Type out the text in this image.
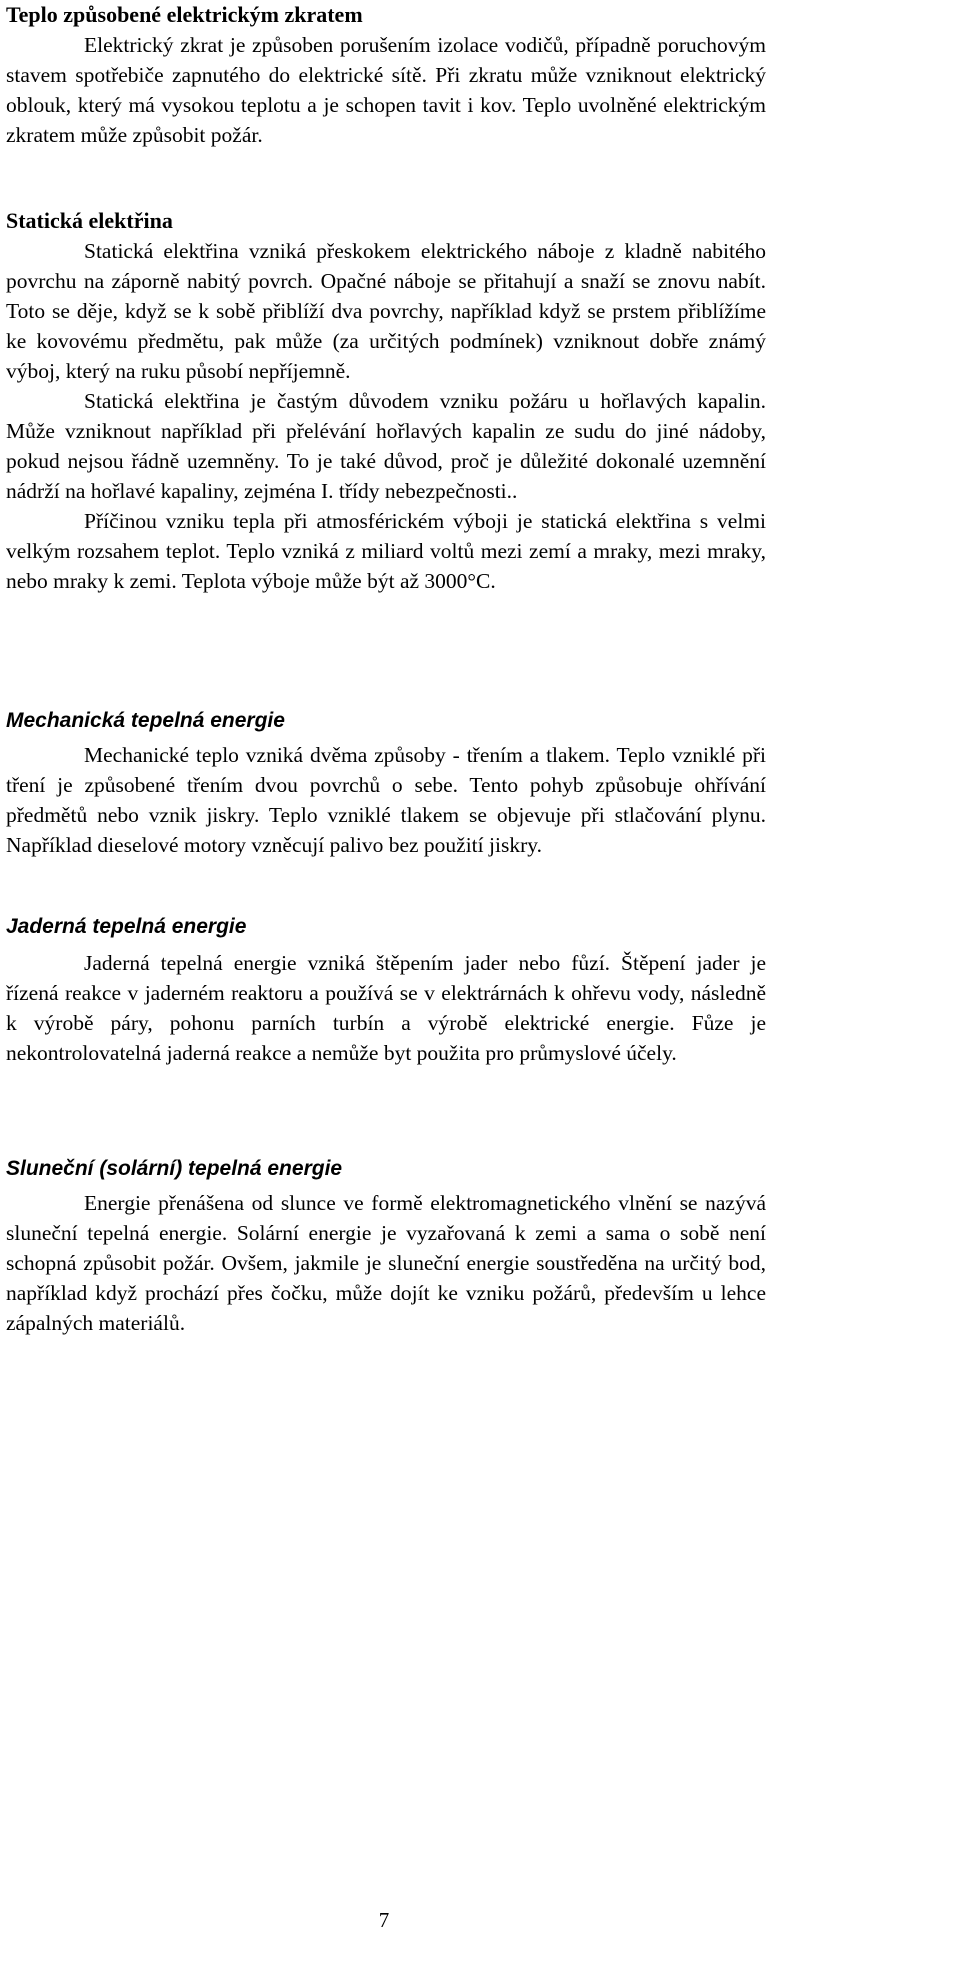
Teplo způsobené elektrickým zkratem

Elektrický zkrat je způsoben porušením izolace vodičů, případně poruchovým stavem spotřebiče zapnutého do elektrické sítě. Při zkratu může vzniknout elektrický oblouk, který má vysokou teplotu a je schopen tavit i kov. Teplo uvolněné elektrickým zkratem může způsobit požár.

Statická elektřina

Statická elektřina vzniká přeskokem elektrického náboje z kladně nabitého povrchu na záporně nabitý povrch. Opačné náboje se přitahují a snaží se znovu nabít. Toto se děje, když se k sobě přiblíží dva povrchy, například když se prstem přiblížíme ke kovovému předmětu, pak může (za určitých podmínek) vzniknout dobře známý výboj, který na ruku působí nepříjemně.

Statická elektřina je častým důvodem vzniku požáru u hořlavých kapalin. Může vzniknout například při přelévání hořlavých kapalin ze sudu do jiné nádoby, pokud nejsou řádně uzemněny. To je také důvod, proč je důležité dokonalé uzemnění nádrží na hořlavé kapaliny, zejména I. třídy nebezpečnosti..

Příčinou vzniku tepla při atmosférickém výboji je statická elektřina s velmi velkým rozsahem teplot. Teplo vzniká z miliard voltů mezi zemí a mraky, mezi mraky, nebo mraky k zemi. Teplota výboje může být až 3000°C.

Mechanická tepelná energie

Mechanické teplo vzniká dvěma způsoby - třením a tlakem. Teplo vzniklé při tření je způsobené třením dvou povrchů o sebe. Tento pohyb způsobuje ohřívání předmětů nebo vznik jiskry. Teplo vzniklé tlakem se objevuje při stlačování plynu. Například dieselové motory vzněcují palivo bez použití jiskry.

Jaderná tepelná energie

Jaderná tepelná energie vzniká štěpením jader nebo fůzí. Štěpení jader je řízená reakce v jaderném reaktoru a používá se v elektrárnách k ohřevu vody, následně k výrobě páry, pohonu parních turbín a výrobě elektrické energie. Fůze je nekontrolovatelná jaderná reakce a nemůže byt použita pro průmyslové účely.

Sluneční (solární) tepelná energie

Energie přenášena od slunce ve formě elektromagnetického vlnění se nazývá sluneční tepelná energie. Solární energie je vyzařovaná k zemi a sama o sobě není schopná způsobit požár. Ovšem, jakmile je sluneční energie soustředěna na určitý bod, například když prochází přes čočku, může dojít ke vzniku požárů, především u lehce zápalných materiálů.

7
